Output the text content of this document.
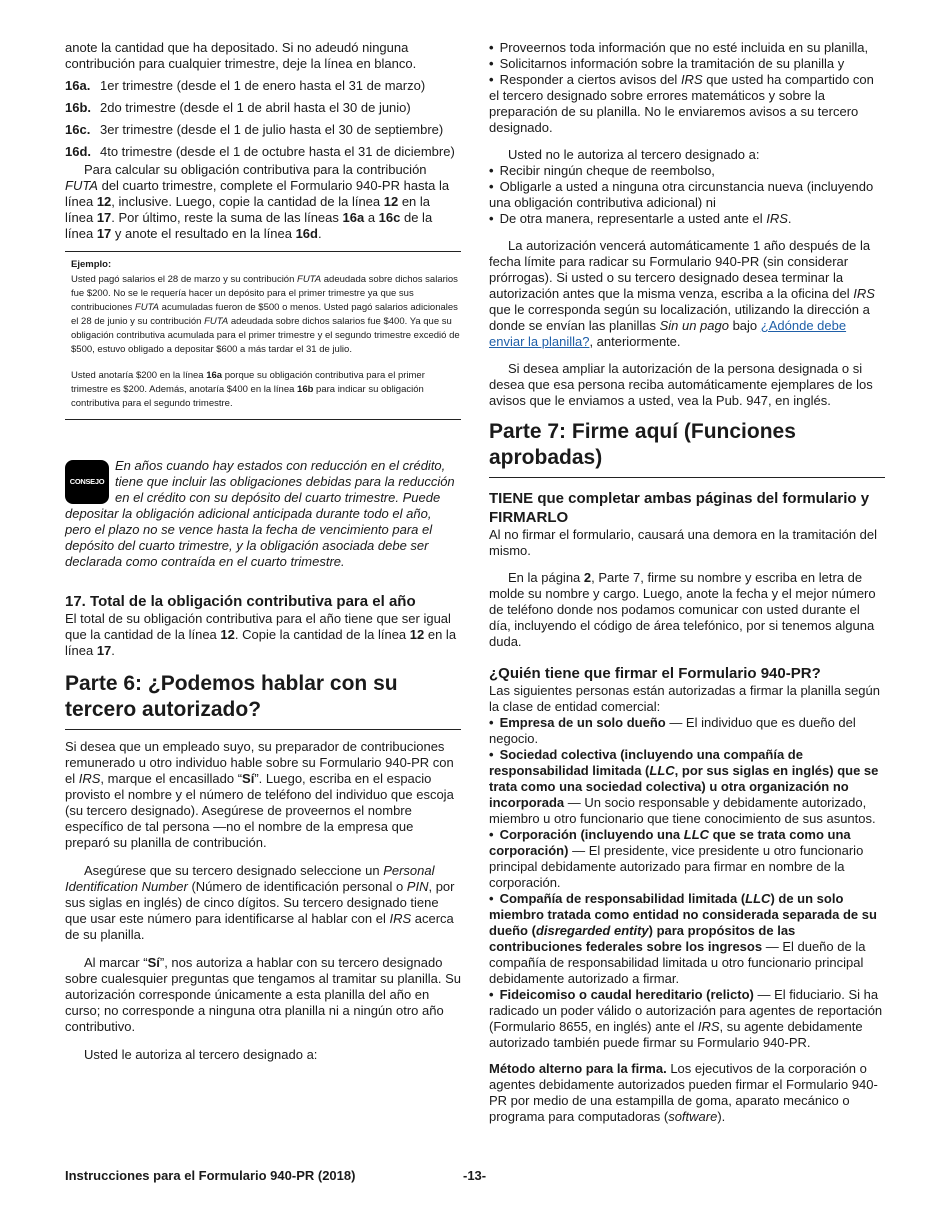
anote la cantidad que ha depositado. Si no adeudó ninguna contribución para cualquier trimestre, deje la línea en blanco.

16a. 1er trimestre (desde el 1 de enero hasta el 31 de marzo)

16b. 2do trimestre (desde el 1 de abril hasta el 30 de junio)

16c. 3er trimestre (desde el 1 de julio hasta el 30 de septiembre)

16d. 4to trimestre (desde el 1 de octubre hasta el 31 de diciembre)

Para calcular su obligación contributiva para la contribución FUTA del cuarto trimestre, complete el Formulario 940-PR hasta la línea 12, inclusive. Luego, copie la cantidad de la línea 12 en la línea 17. Por último, reste la suma de las líneas 16a a 16c de la línea 17 y anote el resultado en la línea 16d.

Ejemplo:

Usted pagó salarios el 28 de marzo y su contribución FUTA adeudada sobre dichos salarios fue $200. No se le requería hacer un depósito para el primer trimestre ya que sus contribuciones FUTA acumuladas fueron de $500 o menos. Usted pagó salarios adicionales el 28 de junio y su contribución FUTA adeudada sobre dichos salarios fue $400. Ya que su obligación contributiva acumulada para el primer trimestre y el segundo trimestre excedió de $500, estuvo obligado a depositar $600 a más tardar el 31 de julio.

Usted anotaría $200 en la línea 16a porque su obligación contributiva para el primer trimestre es $200. Además, anotaría $400 en la línea 16b para indicar su obligación contributiva para el segundo trimestre.

CONSEJO
En años cuando hay estados con reducción en el crédito, tiene que incluir las obligaciones debidas para la reducción en el crédito con su depósito del cuarto trimestre. Puede depositar la obligación adicional anticipada durante todo el año, pero el plazo no se vence hasta la fecha de vencimiento para el depósito del cuarto trimestre, y la obligación asociada debe ser declarada como contraída en el cuarto trimestre.
17. Total de la obligación contributiva para el año

El total de su obligación contributiva para el año tiene que ser igual que la cantidad de la línea 12. Copie la cantidad de la línea 12 en la línea 17.

Parte 6: ¿Podemos hablar con su tercero autorizado?

Si desea que un empleado suyo, su preparador de contribuciones remunerado u otro individuo hable sobre su Formulario 940-PR con el IRS, marque el encasillado “Sí”. Luego, escriba en el espacio provisto el nombre y el número de teléfono del individuo que escoja (su tercero designado). Asegúrese de proveernos el nombre específico de tal persona —no el nombre de la empresa que preparó su planilla de contribución.

Asegúrese que su tercero designado seleccione un Personal Identification Number (Número de identificación personal o PIN, por sus siglas en inglés) de cinco dígitos. Su tercero designado tiene que usar este número para identificarse al hablar con el IRS acerca de su planilla.

Al marcar “Sí”, nos autoriza a hablar con su tercero designado sobre cualesquier preguntas que tengamos al tramitar su planilla. Su autorización corresponde únicamente a esta planilla del año en curso; no corresponde a ninguna otra planilla ni a ningún otro año contributivo.

Usted le autoriza al tercero designado a:

• Proveernos toda información que no esté incluida en su planilla,
• Solicitarnos información sobre la tramitación de su planilla y
• Responder a ciertos avisos del IRS que usted ha compartido con el tercero designado sobre errores matemáticos y sobre la preparación de su planilla. No le enviaremos avisos a su tercero designado.

Usted no le autoriza al tercero designado a:

• Recibir ningún cheque de reembolso,
• Obligarle a usted a ninguna otra circunstancia nueva (incluyendo una obligación contributiva adicional) ni
• De otra manera, representarle a usted ante el IRS.

La autorización vencerá automáticamente 1 año después de la fecha límite para radicar su Formulario 940-PR (sin considerar prórrogas). Si usted o su tercero designado desea terminar la autorización antes que la misma venza, escriba a la oficina del IRS que le corresponda según su localización, utilizando la dirección a donde se envían las planillas Sin un pago bajo ¿Adónde debe enviar la planilla?, anteriormente.

Si desea ampliar la autorización de la persona designada o si desea que esa persona reciba automáticamente ejemplares de los avisos que le enviamos a usted, vea la Pub. 947, en inglés.

Parte 7: Firme aquí (Funciones aprobadas)
TIENE que completar ambas páginas del formulario y FIRMARLO

Al no firmar el formulario, causará una demora en la tramitación del mismo.

En la página 2, Parte 7, firme su nombre y escriba en letra de molde su nombre y cargo. Luego, anote la fecha y el mejor número de teléfono donde nos podamos comunicar con usted durante el día, incluyendo el código de área telefónico, por si tenemos alguna duda.

¿Quién tiene que firmar el Formulario 940-PR?

Las siguientes personas están autorizadas a firmar la planilla según la clase de entidad comercial:

• Empresa de un solo dueño — El individuo que es dueño del negocio.
• Sociedad colectiva (incluyendo una compañía de responsabilidad limitada (LLC, por sus siglas en inglés) que se trata como una sociedad colectiva) u otra organización no incorporada — Un socio responsable y debidamente autorizado, miembro u otro funcionario que tiene conocimiento de sus asuntos.
• Corporación (incluyendo una LLC que se trata como una corporación) — El presidente, vice presidente u otro funcionario principal debidamente autorizado para firmar en nombre de la corporación.
• Compañía de responsabilidad limitada (LLC) de un solo miembro tratada como entidad no considerada separada de su dueño (disregarded entity) para propósitos de las contribuciones federales sobre los ingresos — El dueño de la compañía de responsabilidad limitada u otro funcionario principal debidamente autorizado a firmar.
• Fideicomiso o caudal hereditario (relicto) — El fiduciario. Si ha radicado un poder válido o autorización para agentes de reportación (Formulario 8655, en inglés) ante el IRS, su agente debidamente autorizado también puede firmar su Formulario 940-PR.

Método alterno para la firma. Los ejecutivos de la corporación o agentes debidamente autorizados pueden firmar el Formulario 940-PR por medio de una estampilla de goma, aparato mecánico o programa para computadoras (software).

Instrucciones para el Formulario 940-PR (2018)	-13-
